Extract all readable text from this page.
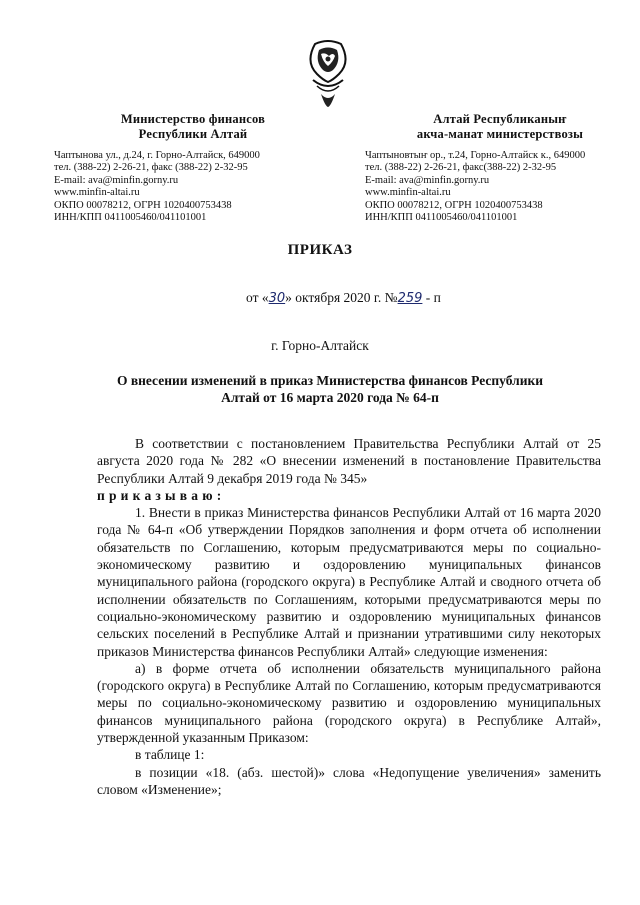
Министерство финансов
Республики Алтай
Чаптынова ул., д.24, г. Горно-Алтайск, 649000
тел. (388-22) 2-26-21, факс (388-22) 2-32-95
E-mail: ava@minfin.gorny.ru
www.minfin-altai.ru
ОКПО 00078212, ОГРН 1020400753438
ИНН/КПП 0411005460/041101001
Алтай Республиканыҥ
акча-манат министерствозы
Чаптыновтыҥ ор., т.24, Горно-Алтайск к., 649000
тел. (388-22) 2-26-21, факс(388-22) 2-32-95
E-mail: ava@minfin.gorny.ru
www.minfin-altai.ru
ОКПО 00078212, ОГРН 1020400753438
ИНН/КПП 0411005460/041101001
ПРИКАЗ
от «30» октября 2020 г. №259 - п
г. Горно-Алтайск
О внесении изменений в приказ Министерства финансов Республики
Алтай от 16 марта 2020 года № 64-п

В соответствии с постановлением Правительства Республики Алтай от 25 августа 2020 года № 282 «О внесении изменений в постановление Правительства Республики Алтай 9 декабря 2019 года № 345»

приказываю:

1. Внести в приказ Министерства финансов Республики Алтай от 16 марта 2020 года № 64-п «Об утверждении Порядков заполнения и форм отчета об исполнении обязательств по Соглашению, которым предусматриваются меры по социально-экономическому развитию и оздоровлению муниципальных финансов муниципального района (городского округа) в Республике Алтай и сводного отчета об исполнении обязательств по Соглашениям, которыми предусматриваются меры по социально-экономическому развитию и оздоровлению муниципальных финансов сельских поселений в Республике Алтай и признании утратившими силу некоторых приказов Министерства финансов Республики Алтай» следующие изменения:

а) в форме отчета об исполнении обязательств муниципального района (городского округа) в Республике Алтай по Соглашению, которым предусматриваются меры по социально-экономическому развитию и оздоровлению муниципальных финансов муниципального района (городского округа) в Республике Алтай», утвержденной указанным Приказом:

в таблице 1:

в позиции «18. (абз. шестой)» слова «Недопущение увеличения» заменить словом «Изменение»;
